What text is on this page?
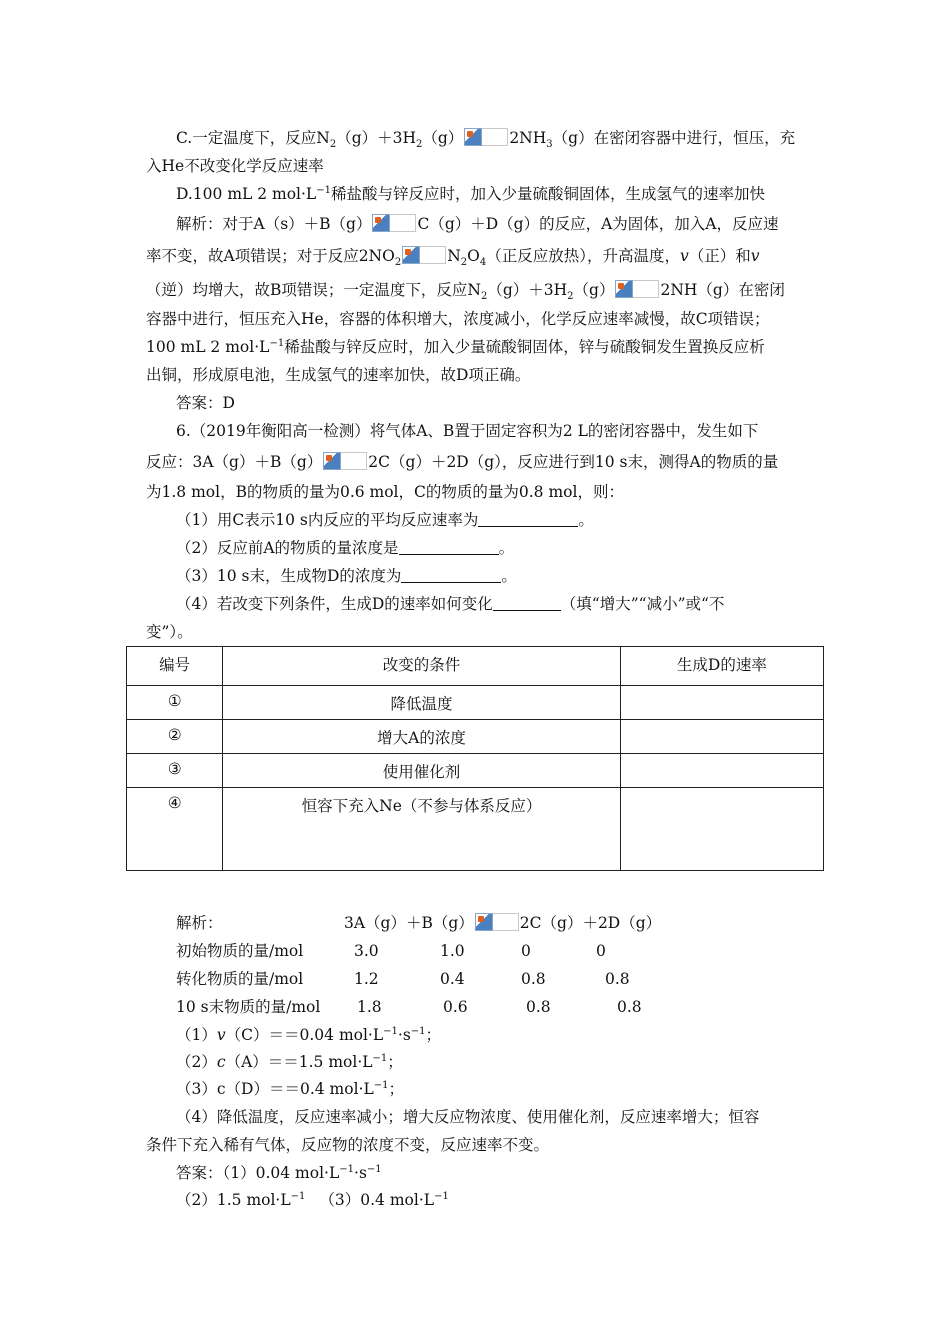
C.一定温度下，反应$N_2(g)+3H_2(g)$	$2NH_3(g)$在密闭容器中进行，恒压，充
入He不改变化学反应速率
D.100 mL 2 $mol\cdot L^{-1}$稀盐酸与锌反应时，加入少量硫酸铜固体，生成氢气的速率加快
解析：对于A（s）＋B（g）	C（g）＋D（g）的反应，A为固体，加入A，反应速
率不变，故A项错误；对于反应$2NO_2$	$N_2O_4$（正反应放热），升高温度，v（正）和v
（逆）均增大，故B项错误；一定温度下，反应$N_2(g)+3H_2(g)$	2NH（g）在密闭
容器中进行，恒压充入He，容器的体积增大，浓度减小，化学反应速率减慢，故C项错误；
100 mL 2 $mol\cdot L^{-1}$稀盐酸与锌反应时，加入少量硫酸铜固体，锌与硫酸铜发生置换反应析
出铜，形成原电池，生成氢气的速率加快，故D项正确。
答案：D
6.（2019年衡阳高一检测）将气体A、B置于固定容积为2 L的密闭容器中，发生如下
反应：3A（g）＋B（g）	2C（g）＋2D（g），反应进行到10 s末，测得A的物质的量
为1.8 mol，B的物质的量为0.6 mol，C的物质的量为0.8 mol，则：
（1）用C表示10 s内反应的平均反应速率为	。
（2）反应前A的物质的量浓度是	。
（3）10 s末，生成物D的浓度为	。
（4）若改变下列条件，生成D的速率如何变化	（填“增大”“减小”或“不
变”）。
编号	改变的条件	生成D的速率
①	降低温度	
②	增大A的浓度	
③	使用催化剂	
④	恒容下充入Ne（不参与体系反应）	
解析：	3A（g）＋B（g）	2C（g）＋2D（g）
初始物质的量/mol	3.0	1.0	0	0
转化物质的量/mol	1.2	0.4	0.8	0.8
10 s末物质的量/mol 1.8	0.6	0.8	0.8
（1）v（C）＝＝0.04 $mol\cdot L^{-1}\cdot s^{-1}$；
（2）c（A）＝＝1.5 $mol\cdot L^{-1}$；
（3）c（D）＝＝0.4 $mol\cdot L^{-1}$；
（4）降低温度，反应速率减小；增大反应物浓度、使用催化剂，反应速率增大；恒容
条件下充入稀有气体，反应物的浓度不变，反应速率不变。
答案：（1）0.04 $mol\cdot L^{-1}\cdot s^{-1}$
（2）1.5 $mol\cdot L^{-1}$ （3）0.4 $mol\cdot L^{-1}$
